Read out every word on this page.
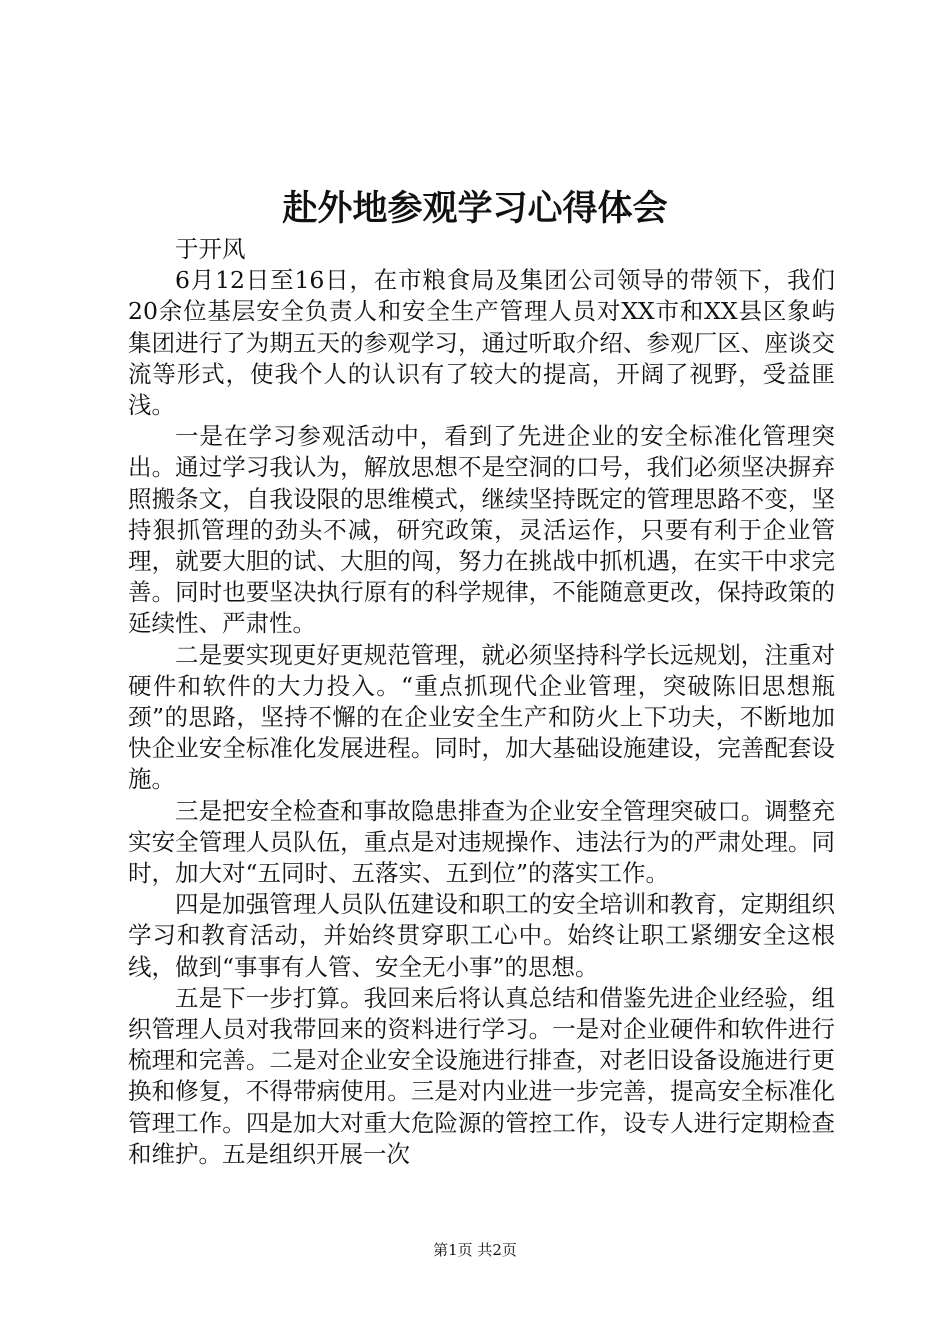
赴外地参观学习心得体会

于开风

6月12日至16日，在市粮食局及集团公司领导的带领下，我们20余位基层安全负责人和安全生产管理人员对XX市和XX县区象屿集团进行了为期五天的参观学习，通过听取介绍、参观厂区、座谈交流等形式，使我个人的认识有了较大的提高，开阔了视野，受益匪浅。

一是在学习参观活动中，看到了先进企业的安全标准化管理突出。通过学习我认为，解放思想不是空洞的口号，我们必须坚决摒弃照搬条文，自我设限的思维模式，继续坚持既定的管理思路不变，坚持狠抓管理的劲头不减，研究政策，灵活运作，只要有利于企业管理，就要大胆的试、大胆的闯，努力在挑战中抓机遇，在实干中求完善。同时也要坚决执行原有的科学规律，不能随意更改，保持政策的延续性、严肃性。

二是要实现更好更规范管理，就必须坚持科学长远规划，注重对硬件和软件的大力投入。“重点抓现代企业管理，突破陈旧思想瓶颈”的思路，坚持不懈的在企业安全生产和防火上下功夫，不断地加快企业安全标准化发展进程。同时，加大基础设施建设，完善配套设施。

三是把安全检查和事故隐患排查为企业安全管理突破口。调整充实安全管理人员队伍，重点是对违规操作、违法行为的严肃处理。同时，加大对“五同时、五落实、五到位”的落实工作。

四是加强管理人员队伍建设和职工的安全培训和教育，定期组织学习和教育活动，并始终贯穿职工心中。始终让职工紧绷安全这根线，做到“事事有人管、安全无小事”的思想。

五是下一步打算。我回来后将认真总结和借鉴先进企业经验，组织管理人员对我带回来的资料进行学习。一是对企业硬件和软件进行梳理和完善。二是对企业安全设施进行排查，对老旧设备设施进行更换和修复，不得带病使用。三是对内业进一步完善，提高安全标准化管理工作。四是加大对重大危险源的管控工作，设专人进行定期检查和维护。五是组织开展一次

第1页 共2页
